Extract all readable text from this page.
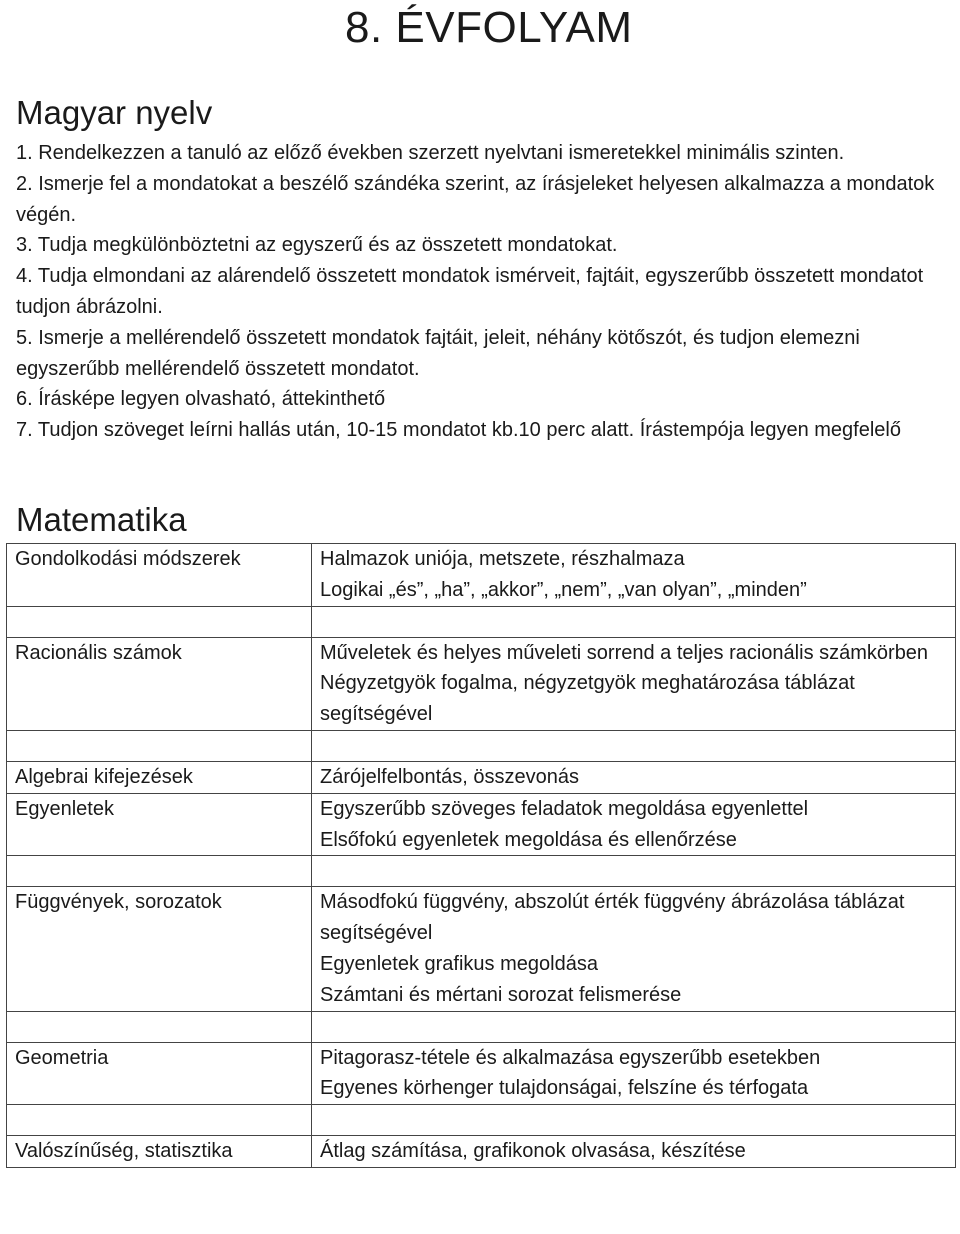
8. ÉVFOLYAM
Magyar nyelv
1. Rendelkezzen a tanuló az előző években szerzett nyelvtani ismeretekkel minimális szinten.
2. Ismerje fel a mondatokat a beszélő szándéka szerint, az írásjeleket helyesen alkalmazza a mondatok végén.
3. Tudja megkülönböztetni az egyszerű és az összetett mondatokat.
4. Tudja elmondani az alárendelő összetett mondatok ismérveit, fajtáit, egyszerűbb összetett mondatot tudjon ábrázolni.
5. Ismerje a mellérendelő összetett mondatok fajtáit, jeleit, néhány kötőszót, és tudjon elemezni egyszerűbb mellérendelő összetett mondatot.
6. Írásképe legyen olvasható, áttekinthető
7. Tudjon szöveget leírni hallás után, 10-15 mondatot kb.10 perc alatt. Írástempója legyen megfelelő
Matematika
Gondolkodási módszerek	Halmazok uniója, metszete, részhalmaza
Logikai „és”, „ha”, „akkor”, „nem”, „van olyan”, „minden”

Racionális számok	Műveletek és helyes műveleti sorrend a teljes racionális számkörben
Négyzetgyök fogalma, négyzetgyök meghatározása táblázat segítségével

Algebrai kifejezések	Zárójelfelbontás, összevonás

Egyenletek	Egyszerűbb szöveges feladatok megoldása egyenlettel
Elsőfokú egyenletek megoldása és ellenőrzése

Függvények, sorozatok	Másodfokú függvény, abszolút érték függvény ábrázolása táblázat segítségével
Egyenletek grafikus megoldása
Számtani és mértani sorozat felismerése

Geometria	Pitagorasz-tétele és alkalmazása egyszerűbb esetekben
Egyenes körhenger tulajdonságai, felszíne és térfogata

Valószínűség, statisztika	Átlag számítása, grafikonok olvasása, készítése
